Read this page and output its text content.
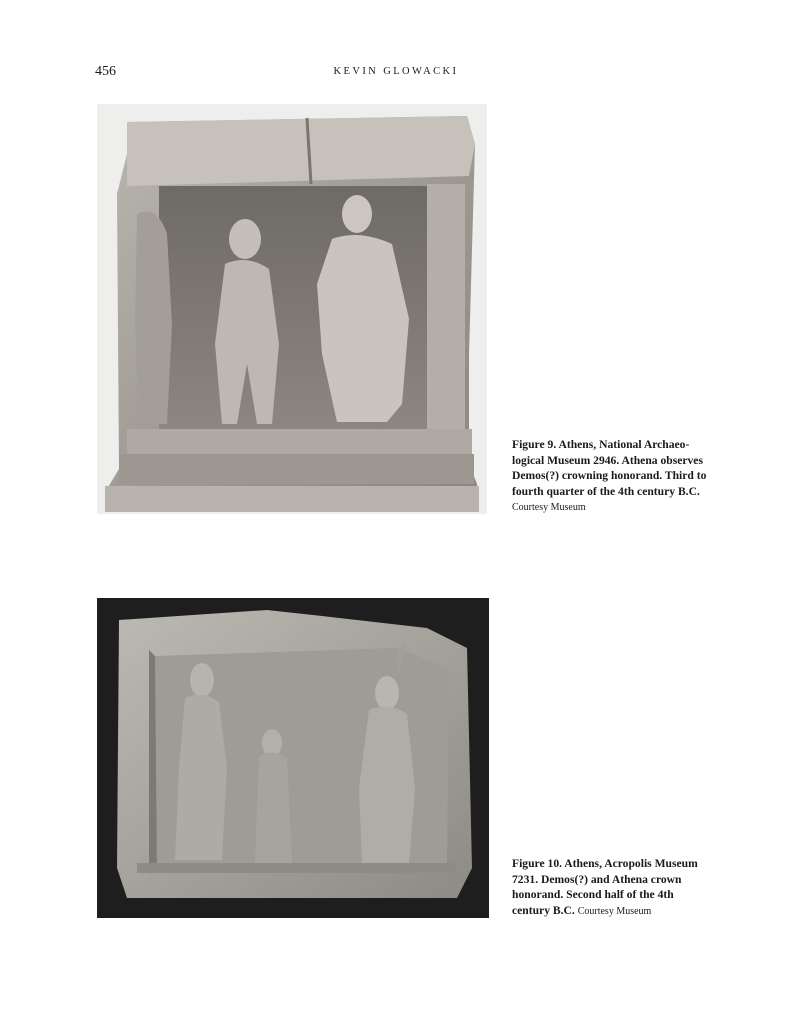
456	KEVIN GLOWACKI
Figure 9. Athens, National Archaeological Museum 2946. Athena observes Demos(?) crowning honorand. Third to fourth quarter of the 4th century B.C. Courtesy Museum
Figure 10. Athens, Acropolis Museum 7231. Demos(?) and Athena crown honorand. Second half of the 4th century B.C. Courtesy Museum
